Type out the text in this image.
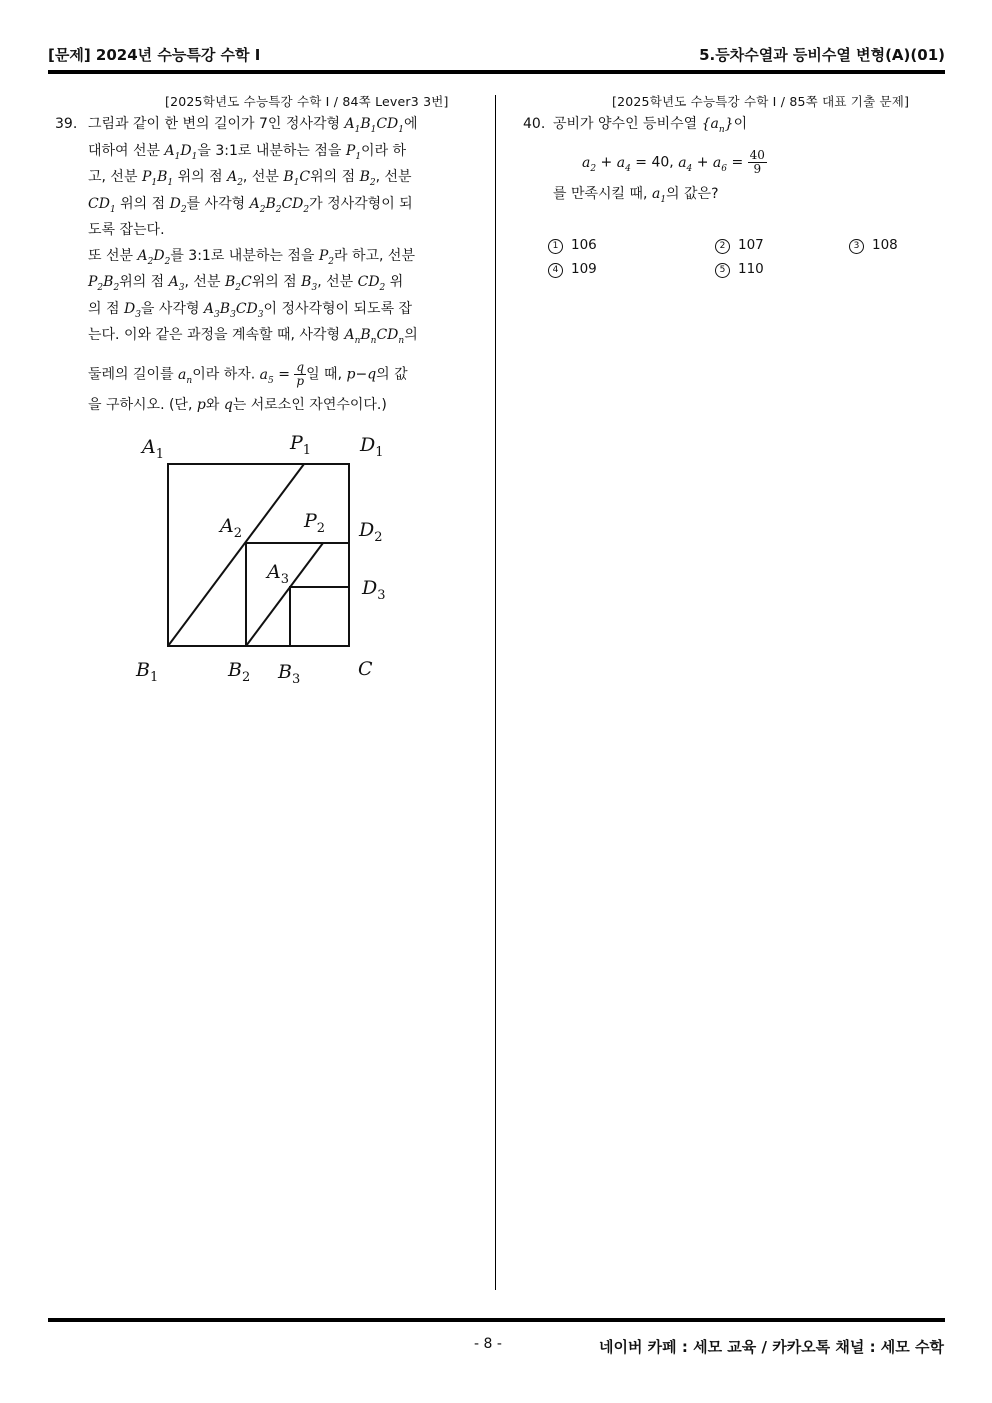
[문제] 2024년 수능특강 수학 I	5.등차수열과 등비수열 변형(A)(01)
[2025학년도 수능특강 수학 I / 84쪽 Lever3 3번]
39. 그림과 같이 한 변의 길이가 7인 정사각형 $A_1B_1CD_1$에
대하여 선분 $A_1D_1$을 3:1로 내분하는 점을 $P_1$이라 하
고, 선분 $P_1B_1$ 위의 점 $A_2$, 선분 $B_1C$위의 점 $B_2$, 선분
$CD_1$ 위의 점 $D_2$를 사각형 $A_2B_2CD_2$가 정사각형이 되
도록 잡는다.
또 선분 $A_2D_2$를 3:1로 내분하는 점을 $P_2$라 하고, 선분
$P_2B_2$위의 점 $A_3$, 선분 $B_2C$위의 점 $B_3$, 선분 $CD_2$ 위
의 점 $D_3$을 사각형 $A_3B_3CD_3$이 정사각형이 되도록 잡
는다. 이와 같은 과정을 계속할 때, 사각형 $A_nB_nCD_n$의
둘레의 길이를 $a_n$이라 하자. $a_5 = \frac{q}{p}$ 일 때, p−q의 값
을 구하시오. (단, p와 q는 서로소인 자연수이다.)
$A_1$
$P_1$	$D_1$
$A_2$
$P_2$ $D_2$
$A_3$	$D_3$
$B_1$	$B_2$ $B_3$	C
[2025학년도 수능특강 수학 I / 85쪽 대표 기출 문제]
40. 공비가 양수인 등비수열 $\{a_n\}$이
$a_2 + a_4 = 40$, $a_4 + a_6 = \frac{40}{9}$
를 만족시킬 때, $a_1$의 값은?
1 106	2 107	3 108
4 109	5 110
- 8 -	네이버 카페 : 세모 교육 / 카카오톡 채널 : 세모 수학
